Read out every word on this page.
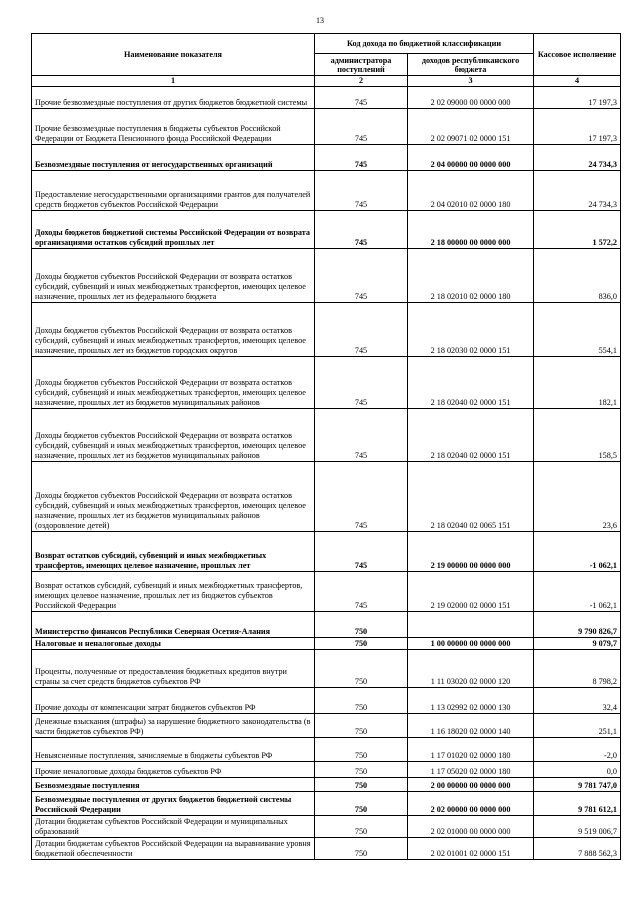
13
Наименование показателя	Код дохода по бюджетной классификации		Кассовое исполнение
	администратора поступлений	доходов республиканского бюджета	
1	2	3	4
Прочие безвозмездные поступления от других бюджетов бюджетной системы	745	2 02 09000 00 0000 000	17 197,3
Прочие безвозмездные поступления в бюджеты субъектов Российской Федерации от Бюджета Пенсионного фонда Российской Федерации	745	2 02 09071 02 0000 151	17 197,3
Безвозмездные поступления от негосударственных организаций	745	2 04 00000 00 0000 000	24 734,3
Предоставление негосударственными организациями грантов для получателей средств бюджетов субъектов Российской Федерации	745	2 04 02010 02 0000 180	24 734,3
Доходы бюджетов бюджетной системы Российской Федерации от возврата организациями остатков субсидий прошлых лет	745	2 18 00000 00 0000 000	1 572,2
Доходы бюджетов субъектов Российской Федерации от возврата остатков субсидий, субвенций и иных межбюджетных трансфертов, имеющих целевое назначение, прошлых лет из федерального бюджета	745	2 18 02010 02 0000 180	836,0
Доходы бюджетов субъектов Российской Федерации от возврата остатков субсидий, субвенций и иных межбюджетных трансфертов, имеющих целевое назначение, прошлых лет из бюджетов городских округов	745	2 18 02030 02 0000 151	554,1
Доходы бюджетов субъектов Российской Федерации от возврата остатков субсидий, субвенций и иных межбюджетных трансфертов, имеющих целевое назначение, прошлых лет из бюджетов муниципальных районов	745	2 18 02040 02 0000 151	182,1
Доходы бюджетов субъектов Российской Федерации от возврата остатков субсидий, субвенций и иных межбюджетных трансфертов, имеющих целевое назначение, прошлых лет из бюджетов муниципальных районов	745	2 18 02040 02 0000 151	158,5
Доходы бюджетов субъектов Российской Федерации от возврата остатков субсидий, субвенций и иных межбюджетных трансфертов, имеющих целевое назначение, прошлых лет из бюджетов муниципальных районов (оздоровление детей)	745	2 18 02040 02 0065 151	23,6
Возврат остатков субсидий, субвенций и иных межбюджетных трансфертов, имеющих целевое назначение, прошлых лет	745	2 19 00000 00 0000 000	-1 062,1
Возврат остатков субсидий, субвенций и иных межбюджетных трансфертов, имеющих целевое назначение, прошлых лет из бюджетов субъектов Российской Федерации	745	2 19 02000 02 0000 151	-1 062,1
Министерство финансов Республики Северная Осетия-Алания	750		9 790 826,7
Налоговые и неналоговые доходы	750	1 00 00000 00 0000 000	9 079,7
Проценты, полученные от предоставления бюджетных кредитов внутри страны за счет средств бюджетов субъектов РФ	750	1 11 03020 02 0000 120	8 798,2
Прочие доходы от компенсации затрат бюджетов субъектов РФ	750	1 13 02992 02 0000 130	32,4
Денежные взыскания (штрафы) за нарушение бюджетного законодательства (в части бюджетов субъектов РФ)	750	1 16 18020 02 0000 140	251,1
Невыясненные поступления, зачисляемые в бюджеты субъектов РФ	750	1 17 01020 02 0000 180	-2,0
Прочие неналоговые доходы бюджетов субъектов РФ	750	1 17 05020 02 0000 180	0,0
Безвозмездные поступления	750	2 00 00000 00 0000 000	9 781 747,0
Безвозмездные поступления от других бюджетов бюджетной системы Российской Федерации	750	2 02 00000 00 0000 000	9 781 612,1
Дотации бюджетам субъектов Российской Федерации и муниципальных образований	750	2 02 01000 00 0000 000	9 519 006,7
Дотации бюджетам субъектов Российской Федерации на выравнивание уровня бюджетной обеспеченности	750	2 02 01001 02 0000 151	7 888 562,3
